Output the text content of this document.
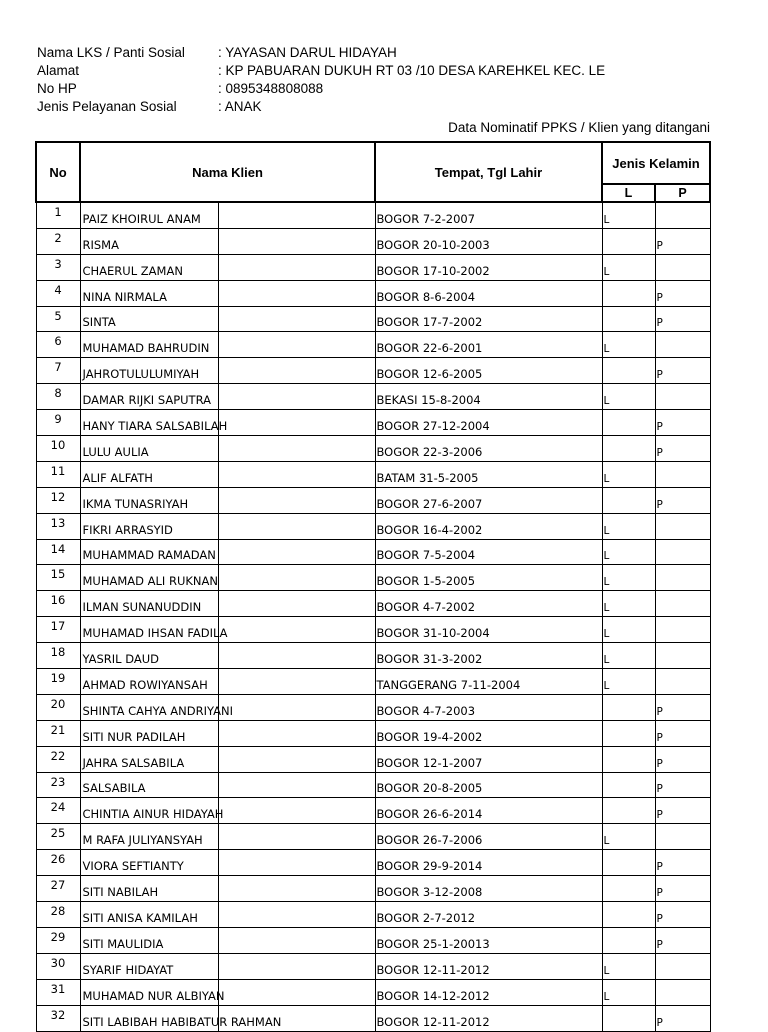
Nama LKS / Panti Sosial : YAYASAN DARUL HIDAYAH
Alamat	: KP PABUARAN DUKUH RT 03 /10 DESA KAREHKEL KEC. LE
No HP	: 0895348808088
Jenis Pelayanan Sosial	: ANAK
Data Nominatif PPKS / Klien yang ditangani
No	Nama Klien		Tempat, Tgl Lahir	Jenis Kelamin	
				L	P
1	PAIZ KHOIRUL ANAM		BOGOR 7-2-2007	L	
2	RISMA		BOGOR 20-10-2003		P
3	CHAERUL ZAMAN		BOGOR 17-10-2002	L	
4	NINA NIRMALA		BOGOR 8-6-2004		P
5	SINTA		BOGOR 17-7-2002		P
6	MUHAMAD BAHRUDIN		BOGOR 22-6-2001	L	
7	JAHROTULULUMIYAH		BOGOR 12-6-2005		P
8	DAMAR RIJKI SAPUTRA		BEKASI 15-8-2004	L	
9	HANY TIARA SALSABILAH		BOGOR 27-12-2004		P
10	LULU AULIA		BOGOR 22-3-2006		P
11	ALIF ALFATH		BATAM 31-5-2005	L	
12	IKMA TUNASRIYAH		BOGOR 27-6-2007		P
13	FIKRI ARRASYID		BOGOR 16-4-2002	L	
14	MUHAMMAD RAMADAN		BOGOR 7-5-2004	L	
15	MUHAMAD ALI RUKNAN		BOGOR 1-5-2005	L	
16	ILMAN SUNANUDDIN		BOGOR 4-7-2002	L	
17	MUHAMAD IHSAN FADILA		BOGOR 31-10-2004	L	
18	YASRIL DAUD		BOGOR 31-3-2002	L	
19	AHMAD ROWIYANSAH		TANGGERANG 7-11-2004	L	
20	SHINTA CAHYA ANDRIYANI		BOGOR 4-7-2003		P
21	SITI NUR PADILAH		BOGOR 19-4-2002		P
22	JAHRA SALSABILA		BOGOR 12-1-2007		P
23	SALSABILA		BOGOR 20-8-2005		P
24	CHINTIA AINUR HIDAYAH		BOGOR 26-6-2014		P
25	M RAFA JULIYANSYAH		BOGOR 26-7-2006	L	
26	VIORA SEFTIANTY		BOGOR 29-9-2014		P
27	SITI NABILAH		BOGOR 3-12-2008		P
28	SITI ANISA KAMILAH		BOGOR 2-7-2012		P
29	SITI MAULIDIA		BOGOR 25-1-20013		P
30	SYARIF HIDAYAT		BOGOR 12-11-2012	L	
31	MUHAMAD NUR ALBIYAN		BOGOR 14-12-2012	L	
32	SITI LABIBAH HABIBATUR RAHMAN		BOGOR 12-11-2012		P
